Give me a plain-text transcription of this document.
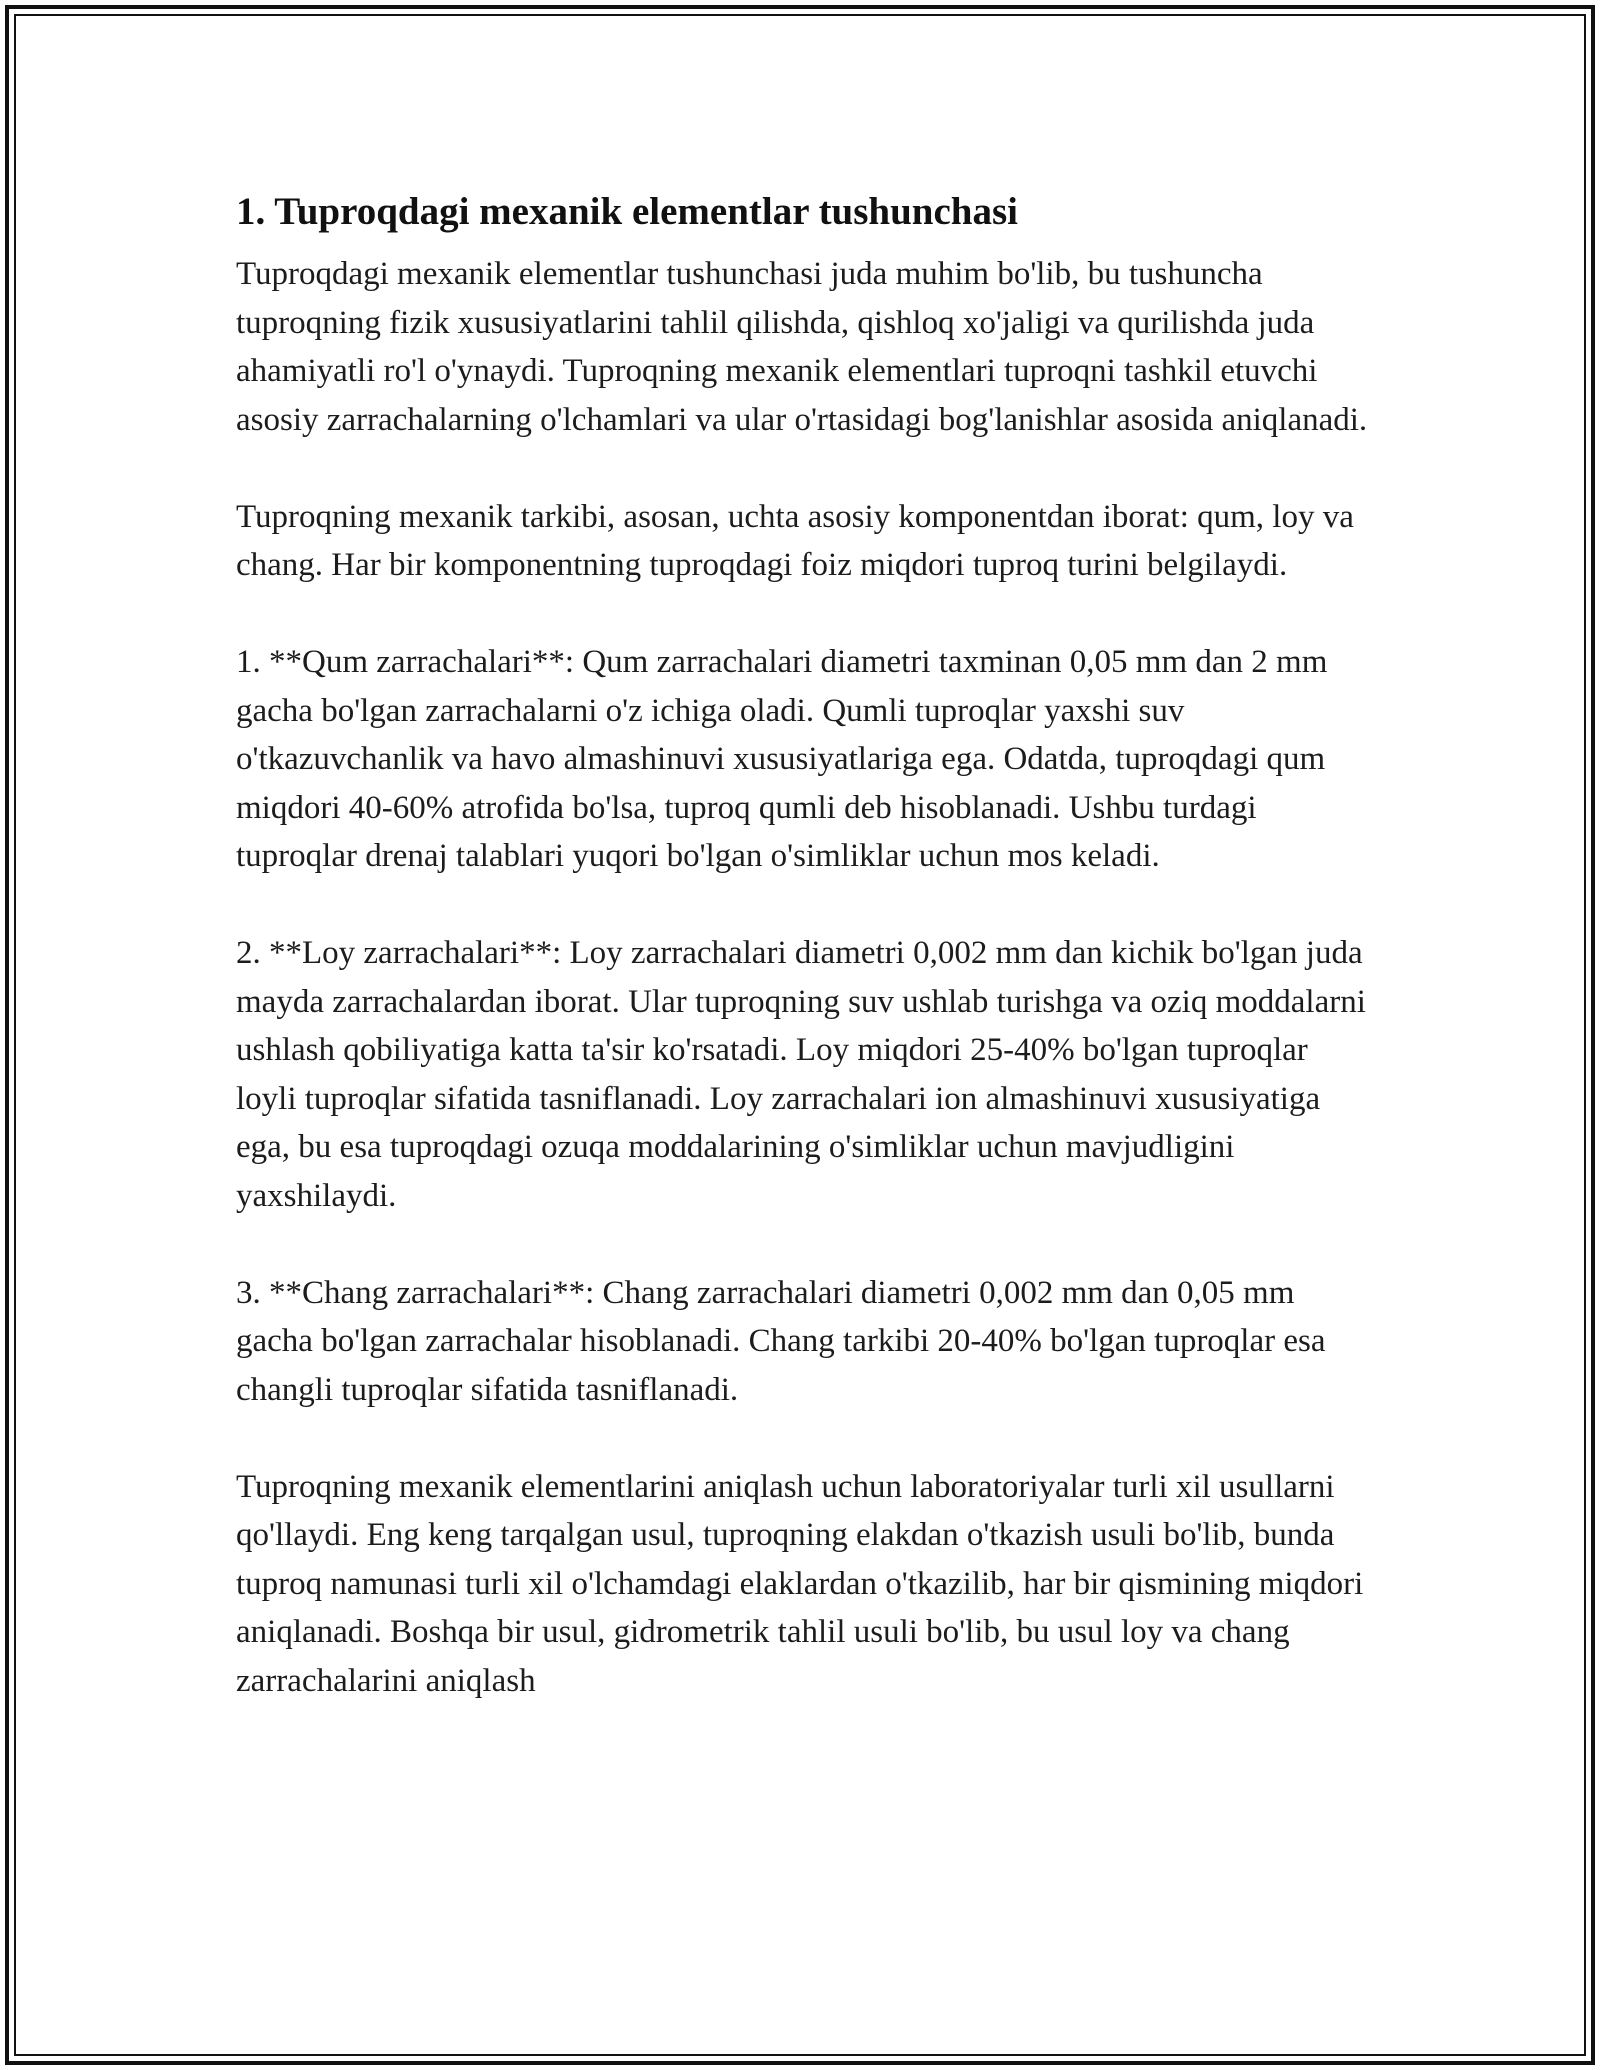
1. Tuproqdagi mexanik elementlar tushunchasi

Tuproqdagi mexanik elementlar tushunchasi juda muhim bo'lib, bu tushuncha tuproqning fizik xususiyatlarini tahlil qilishda, qishloq xo'jaligi va qurilishda juda ahamiyatli ro'l o'ynaydi. Tuproqning mexanik elementlari tuproqni tashkil etuvchi asosiy zarrachalarning o'lchamlari va ular o'rtasidagi bog'lanishlar asosida aniqlanadi.

Tuproqning mexanik tarkibi, asosan, uchta asosiy komponentdan iborat: qum, loy va chang. Har bir komponentning tuproqdagi foiz miqdori tuproq turini belgilaydi.

1. **Qum zarrachalari**: Qum zarrachalari diametri taxminan 0,05 mm dan 2 mm gacha bo'lgan zarrachalarni o'z ichiga oladi. Qumli tuproqlar yaxshi suv o'tkazuvchanlik va havo almashinuvi xususiyatlariga ega. Odatda, tuproqdagi qum miqdori 40-60% atrofida bo'lsa, tuproq qumli deb hisoblanadi. Ushbu turdagi tuproqlar drenaj talablari yuqori bo'lgan o'simliklar uchun mos keladi.

2. **Loy zarrachalari**: Loy zarrachalari diametri 0,002 mm dan kichik bo'lgan juda mayda zarrachalardan iborat. Ular tuproqning suv ushlab turishga va oziq moddalarni ushlash qobiliyatiga katta ta'sir ko'rsatadi. Loy miqdori 25-40% bo'lgan tuproqlar loyli tuproqlar sifatida tasniflanadi. Loy zarrachalari ion almashinuvi xususiyatiga ega, bu esa tuproqdagi ozuqa moddalarining o'simliklar uchun mavjudligini yaxshilaydi.

3. **Chang zarrachalari**: Chang zarrachalari diametri 0,002 mm dan 0,05 mm gacha bo'lgan zarrachalar hisoblanadi. Chang tarkibi 20-40% bo'lgan tuproqlar esa changli tuproqlar sifatida tasniflanadi.

Tuproqning mexanik elementlarini aniqlash uchun laboratoriyalar turli xil usullarni qo'llaydi. Eng keng tarqalgan usul, tuproqning elakdan o'tkazish usuli bo'lib, bunda tuproq namunasi turli xil o'lchamdagi elaklardan o'tkazilib, har bir qismining miqdori aniqlanadi. Boshqa bir usul, gidrometrik tahlil usuli bo'lib, bu usul loy va chang zarrachalarini aniqlash
